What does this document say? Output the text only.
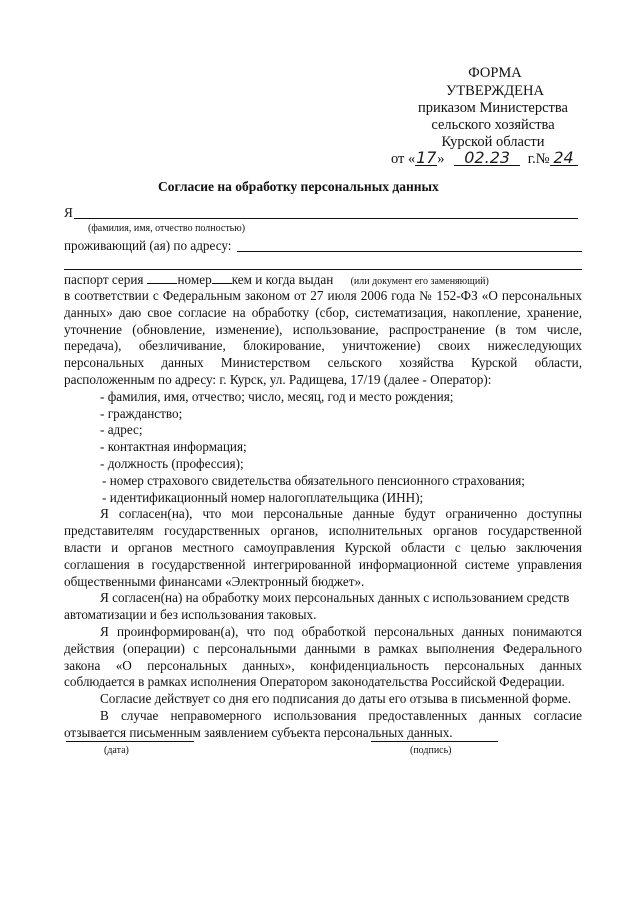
ФОРМА
УТВЕРЖДЕНА
приказом Министерства
сельского хозяйства
Курской области
от «17» 02.23 г.№ 24
Согласие на обработку персональных данных
Я
(фамилия, имя, отчество полностью)
проживающий (ая) по адресу:
паспорт серия	номер кем и когда выдан (или документ его заменяющий)

в соответствии с Федеральным законом от 27 июля 2006 года № 152-ФЗ «О персональных

данных» даю свое согласие на обработку (сбор, систематизация, накопление, хранение,

уточнение (обновление, изменение), использование, распространение (в том числе,

передача), обезличивание, блокирование, уничтожение) своих нижеследующих

персональных данных Министерством сельского хозяйства Курской области,

расположенным по адресу: г. Курск, ул. Радищева, 17/19 (далее - Оператор):

- фамилия, имя, отчество; число, месяц, год и место рождения;

- гражданство;

- адрес;

- контактная информация;

- должность (профессия);

- номер страхового свидетельства обязательного пенсионного страхования;

- идентификационный номер налогоплательщика (ИНН);

Я согласен(на), что мои персональные данные будут ограниченно доступны

представителям государственных органов, исполнительных органов государственной

власти и органов местного самоуправления Курской области с целью заключения

соглашения в государственной интегрированной информационной системе управления

общественными финансами «Электронный бюджет».

Я согласен(на) на обработку моих персональных данных с использованием средств

автоматизации и без использования таковых.

Я проинформирован(а), что под обработкой персональных данных понимаются

действия (операции) с персональными данными в рамках выполнения Федерального

закона «О персональных данных», конфиденциальность персональных данных

соблюдается в рамках исполнения Оператором законодательства Российской Федерации.

Согласие действует со дня его подписания до даты его отзыва в письменной форме.

В случае неправомерного использования предоставленных данных согласие

отзывается письменным заявлением субъекта персональных данных.

(дата)	(подпись)
